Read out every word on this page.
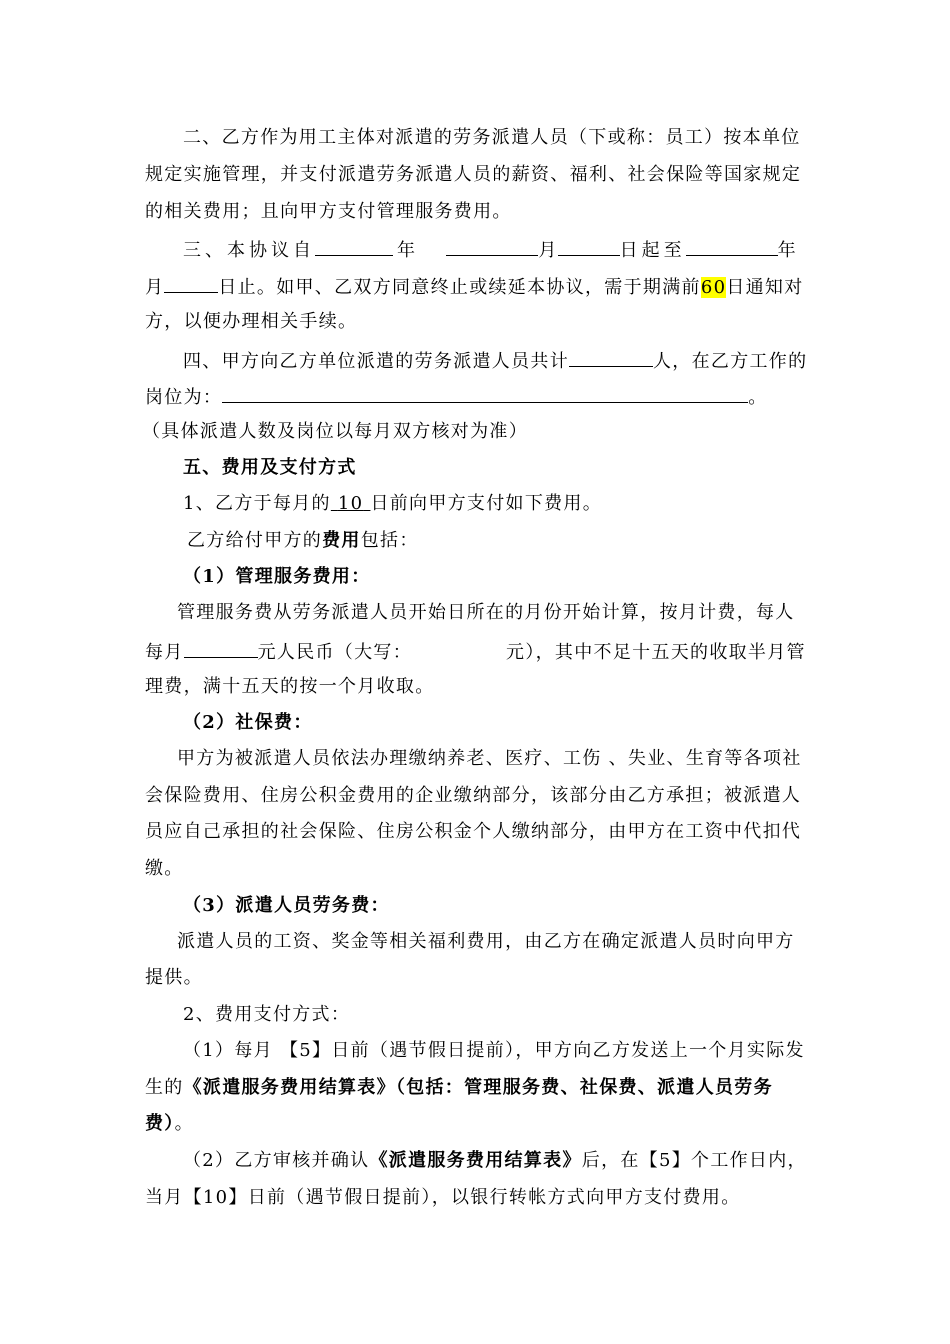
二、乙方作为用工主体对派遣的劳务派遣人员（下或称：员工）按本单位
规定实施管理，并支付派遣劳务派遣人员的薪资、福利、社会保险等国家规定
的相关费用；且向甲方支付管理服务费用。
三、本协议自	年	月	日起至	年
月	日止。如甲、乙双方同意终止或续延本协议，需于期满前60日通知对
方，以便办理相关手续。
四、甲方向乙方单位派遣的劳务派遣人员共计	人，在乙方工作的
岗位为：	。
（具体派遣人数及岗位以每月双方核对为准）
五、费用及支付方式
1、乙方于每月的 10 日前向甲方支付如下费用。
乙方给付甲方的费用包括：
（1）管理服务费用：
管理服务费从劳务派遣人员开始日所在的月份开始计算，按月计费，每人
每月	元人民币（大写：	元），其中不足十五天的收取半月管
理费，满十五天的按一个月收取。
（2）社保费：
甲方为被派遣人员依法办理缴纳养老、医疗、工伤 、失业、生育等各项社
会保险费用、住房公积金费用的企业缴纳部分，该部分由乙方承担；被派遣人
员应自己承担的社会保险、住房公积金个人缴纳部分，由甲方在工资中代扣代
缴。
（3）派遣人员劳务费：
派遣人员的工资、奖金等相关福利费用，由乙方在确定派遣人员时向甲方
提供。
2、费用支付方式：
（1）每月 【5】日前（遇节假日提前），甲方向乙方发送上一个月实际发
生的《派遣服务费用结算表》（包括：管理服务费、社保费、派遣人员劳务
费）。
（2）乙方审核并确认《派遣服务费用结算表》后，在【5】个工作日内，
当月【10】日前（遇节假日提前），以银行转帐方式向甲方支付费用。
